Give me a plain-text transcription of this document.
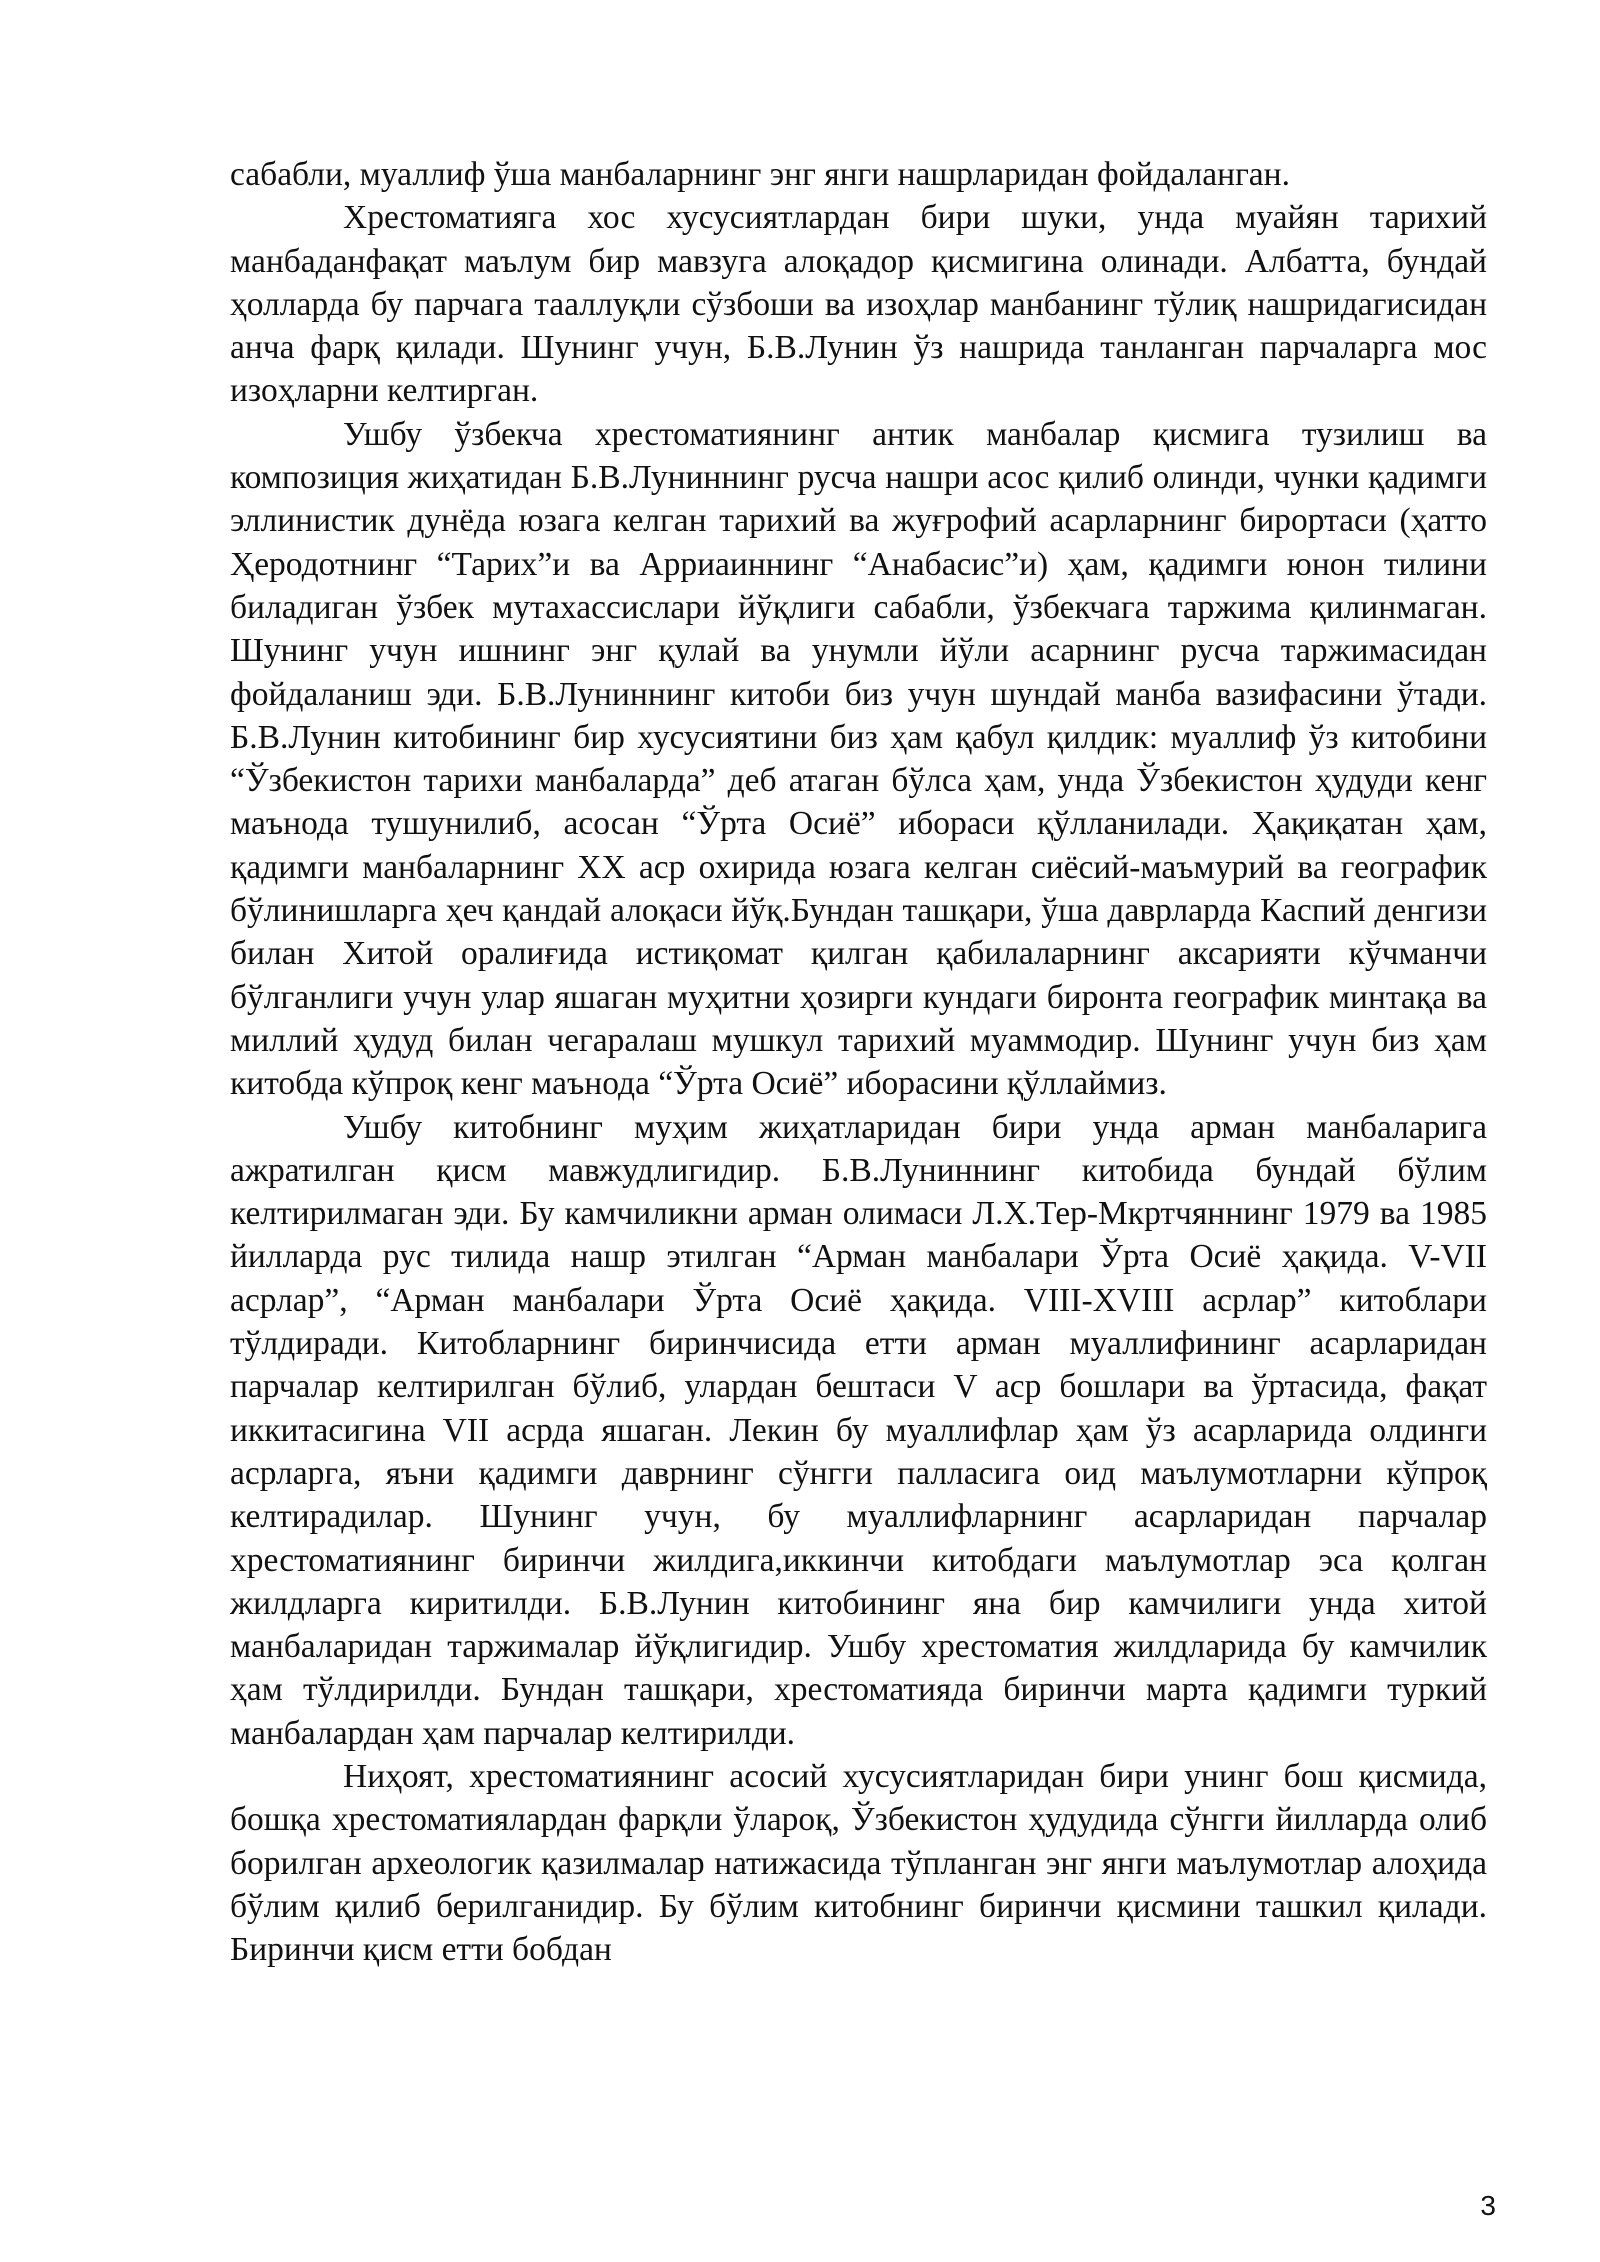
сабабли, муаллиф ўша манбаларнинг энг янги нашрларидан фойдаланган.

Хрестоматияга хос хусусиятлардан бири шуки, унда муайян тарихий манбаданфақат маълум бир мавзуга алоқадор қисмигина олинади. Албатта, бундай ҳолларда бу парчага тааллуқли сўзбоши ва изоҳлар манбанинг тўлиқ нашридагисидан анча фарқ қилади. Шунинг учун, Б.В.Лунин ўз нашрида танланган парчаларга мос изоҳларни келтирган.

Ушбу ўзбекча хрестоматиянинг антик манбалар қисмига тузилиш ва композиция жиҳатидан Б.В.Луниннинг русча нашри асос қилиб олинди, чунки қадимги эллинистик дунёда юзага келган тарихий ва жуғрофий асарларнинг бирортаси (ҳатто Ҳеродотнинг “Тарих”и ва Арриаиннинг “Анабасис”и) ҳам, қадимги юнон тилини биладиган ўзбек мутахассислари йўқлиги сабабли, ўзбекчага таржима қилинмаган. Шунинг учун ишнинг энг қулай ва унумли йўли асарнинг русча таржимасидан фойдаланиш эди. Б.В.Луниннинг китоби биз учун шундай манба вазифасини ўтади. Б.В.Лунин китобининг бир хусусиятини биз ҳам қабул қилдик: муаллиф ўз китобини “Ўзбекистон тарихи манбаларда” деб атаган бўлса ҳам, унда Ўзбекистон ҳудуди кенг маънода тушунилиб, асосан “Ўрта Осиё” ибораси қўлланилади. Ҳақиқатан ҳам, қадимги манбаларнинг XX аср охирида юзага келган сиёсий-маъмурий ва географик бўлинишларга ҳеч қандай алоқаси йўқ.Бундан ташқари, ўша даврларда Каспий денгизи билан Хитой оралиғида истиқомат қилган қабилаларнинг аксарияти кўчманчи бўлганлиги учун улар яшаган муҳитни ҳозирги кундаги биронта географик минтақа ва миллий ҳудуд билан чегаралаш мушкул тарихий муаммодир. Шунинг учун биз ҳам китобда кўпроқ кенг маънода “Ўрта Осиё” иборасини қўллаймиз.

Ушбу китобнинг муҳим жиҳатларидан бири унда арман манбаларига ажратилган қисм мавжудлигидир. Б.В.Луниннинг китобида бундай бўлим келтирилмаган эди. Бу камчиликни арман олимаси Л.Х.Тер-Мкртчяннинг 1979 ва 1985 йилларда рус тилида нашр этилган “Арман манбалари Ўрта Осиё ҳақида. V-VII асрлар”, “Арман манбалари Ўрта Осиё ҳақида. VIII-XVIII асрлар” китоблари тўлдиради. Китобларнинг биринчисида етти арман муаллифининг асарларидан парчалар келтирилган бўлиб, улардан бештаси V аср бошлари ва ўртасида, фақат иккитасигина VII асрда яшаган. Лекин бу муаллифлар ҳам ўз асарларида олдинги асрларга, яъни қадимги даврнинг сўнгги палласига оид маълумотларни кўпроқ келтирадилар. Шунинг учун, бу муаллифларнинг асарларидан парчалар хрестоматиянинг биринчи жилдига,иккинчи китобдаги маълумотлар эса қолган жилдларга киритилди. Б.В.Лунин китобининг яна бир камчилиги унда хитой манбаларидан таржималар йўқлигидир. Ушбу хрестоматия жилдларида бу камчилик ҳам тўлдирилди. Бундан ташқари, хрестоматияда биринчи марта қадимги туркий манбалардан ҳам парчалар келтирилди.

Ниҳоят, хрестоматиянинг асосий хусусиятларидан бири унинг бош қисмида, бошқа хрестоматиялардан фарқли ўлароқ, Ўзбекистон ҳудудида сўнгги йилларда олиб борилган археологик қазилмалар натижасида тўпланган энг янги маълумотлар алоҳида бўлим қилиб берилганидир. Бу бўлим китобнинг биринчи қисмини ташкил қилади. Биринчи қисм етти бобдан

3
